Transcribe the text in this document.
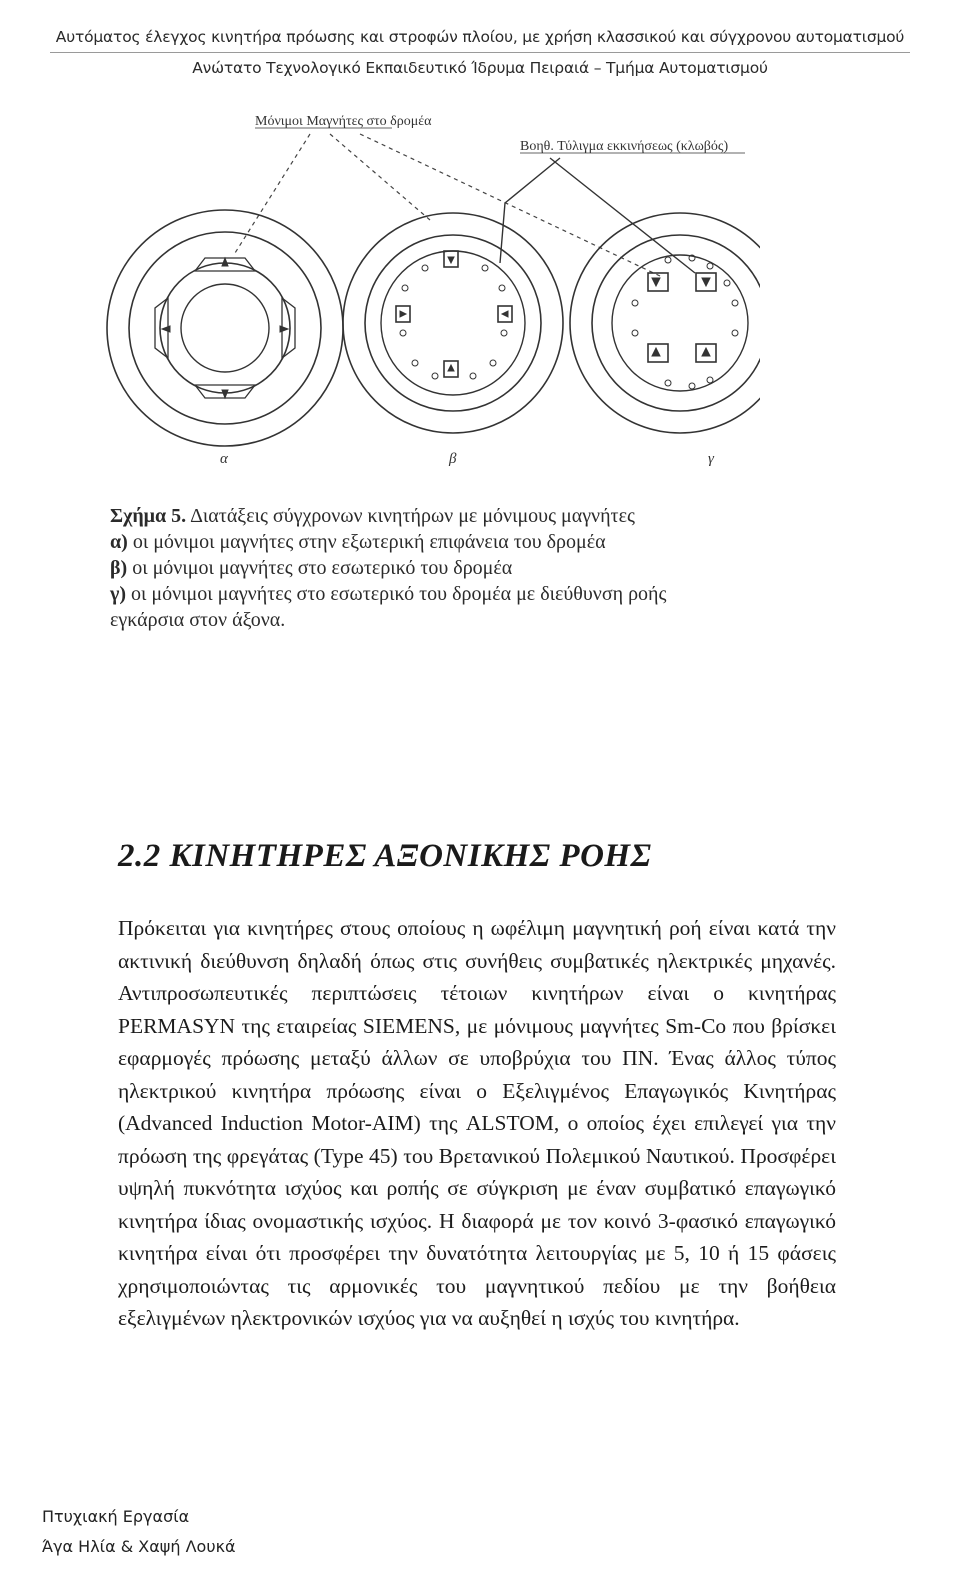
Αυτόματος έλεγχος κινητήρα πρόωσης και στροφών πλοίου, με χρήση κλασσικού και σύγχρονου αυτοματισμού
Ανώτατο Τεχνολογικό Εκπαιδευτικό Ίδρυμα Πειραιά – Τμήμα Αυτοματισμού
Μόνιμοι Μαγνήτες στο δρομέα
Βοηθ. Τύλιγμα εκκινήσεως (κλωβός)
α	β	γ

Σχήμα 5. Διατάξεις σύγχρονων κινητήρων με μόνιμους μαγνήτες

α) οι μόνιμοι μαγνήτες στην εξωτερική επιφάνεια του δρομέα

β) οι μόνιμοι μαγνήτες στο εσωτερικό του δρομέα

γ) οι μόνιμοι μαγνήτες στο εσωτερικό του δρομέα με διεύθυνση ροής

εγκάρσια στον άξονα.

2.2 ΚΙΝΗΤΗΡΕΣ ΑΞΟΝΙΚΗΣ ΡΟΗΣ

Πρόκειται για κινητήρες στους οποίους η ωφέλιμη μαγνητική ροή είναι κατά την ακτινική διεύθυνση δηλαδή όπως στις συνήθεις συμβατικές ηλεκτρικές μηχανές. Αντιπροσωπευτικές περιπτώσεις τέτοιων κινητήρων είναι ο κινητήρας PERMASYN της εταιρείας SIEMENS, με μόνιμους μαγνήτες Sm-Co που βρίσκει εφαρμογές πρόωσης μεταξύ άλλων σε υποβρύχια του ΠΝ. Ένας άλλος τύπος ηλεκτρικού κινητήρα πρόωσης είναι ο Εξελιγμένος Επαγωγικός Κινητήρας (Advanced Induction Motor-AIM) της ALSTOM, ο οποίος έχει επιλεγεί για την πρόωση της φρεγάτας (Type 45) του Βρετανικού Πολεμικού Ναυτικού. Προσφέρει υψηλή πυκνότητα ισχύος και ροπής σε σύγκριση με έναν συμβατικό επαγωγικό κινητήρα ίδιας ονομαστικής ισχύος. Η διαφορά με τον κοινό 3-φασικό επαγωγικό κινητήρα είναι ότι προσφέρει την δυνατότητα λειτουργίας με 5, 10 ή 15 φάσεις χρησιμοποιώντας τις αρμονικές του μαγνητικού πεδίου με την βοήθεια εξελιγμένων ηλεκτρονικών ισχύος για να αυξηθεί η ισχύς του κινητήρα.

Πτυχιακή Εργασία
Άγα Ηλία & Χαψή Λουκά
